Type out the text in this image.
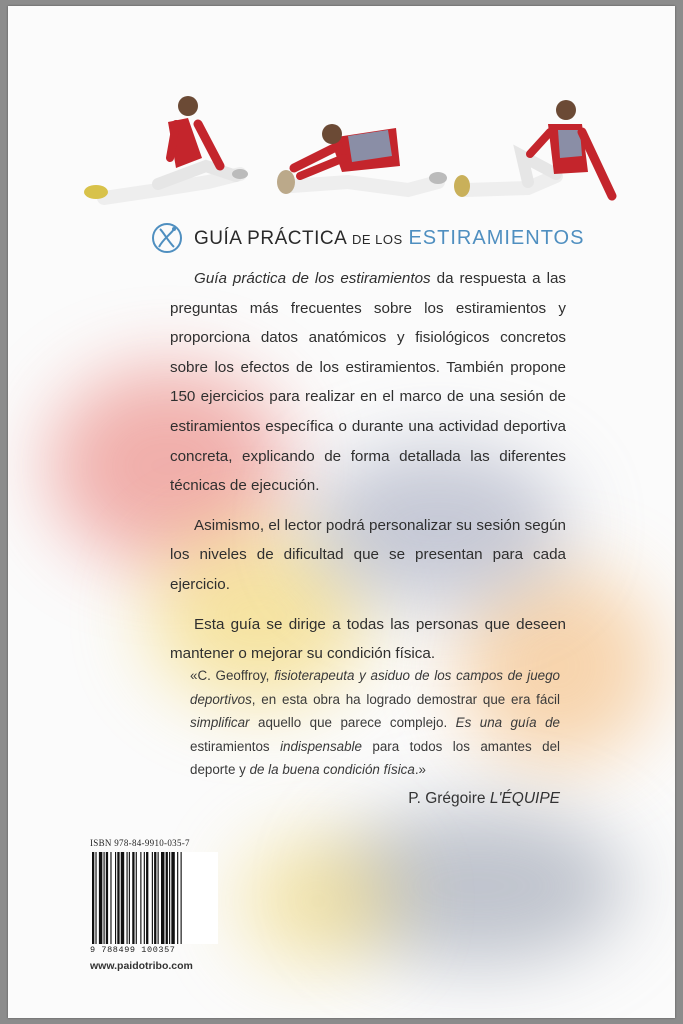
GUÍA PRÁCTICA DE LOS ESTIRAMIENTOS

Guía práctica de los estiramientos da respuesta a las preguntas más frecuentes sobre los estiramientos y proporciona datos anatómicos y fisiológicos concretos sobre los efectos de los estiramientos. También propone 150 ejercicios para realizar en el marco de una sesión de estiramientos específica o durante una actividad deportiva concreta, explicando de forma detallada las diferentes técnicas de ejecución.

Asimismo, el lector podrá personalizar su sesión según los niveles de dificultad que se presentan para cada ejercicio.

Esta guía se dirige a todas las personas que deseen mantener o mejorar su condición física.

«C. Geoffroy, fisioterapeuta y asiduo de los campos de juego deportivos, en esta obra ha logrado demostrar que era fácil simplificar aquello que parece complejo. Es una guía de estiramientos indispensable para todos los amantes del deporte y de la buena condición física.»
P. Grégoire L'ÉQUIPE
ISBN 978-84-9910-035-7
9 788499 100357
www.paidotribo.com
